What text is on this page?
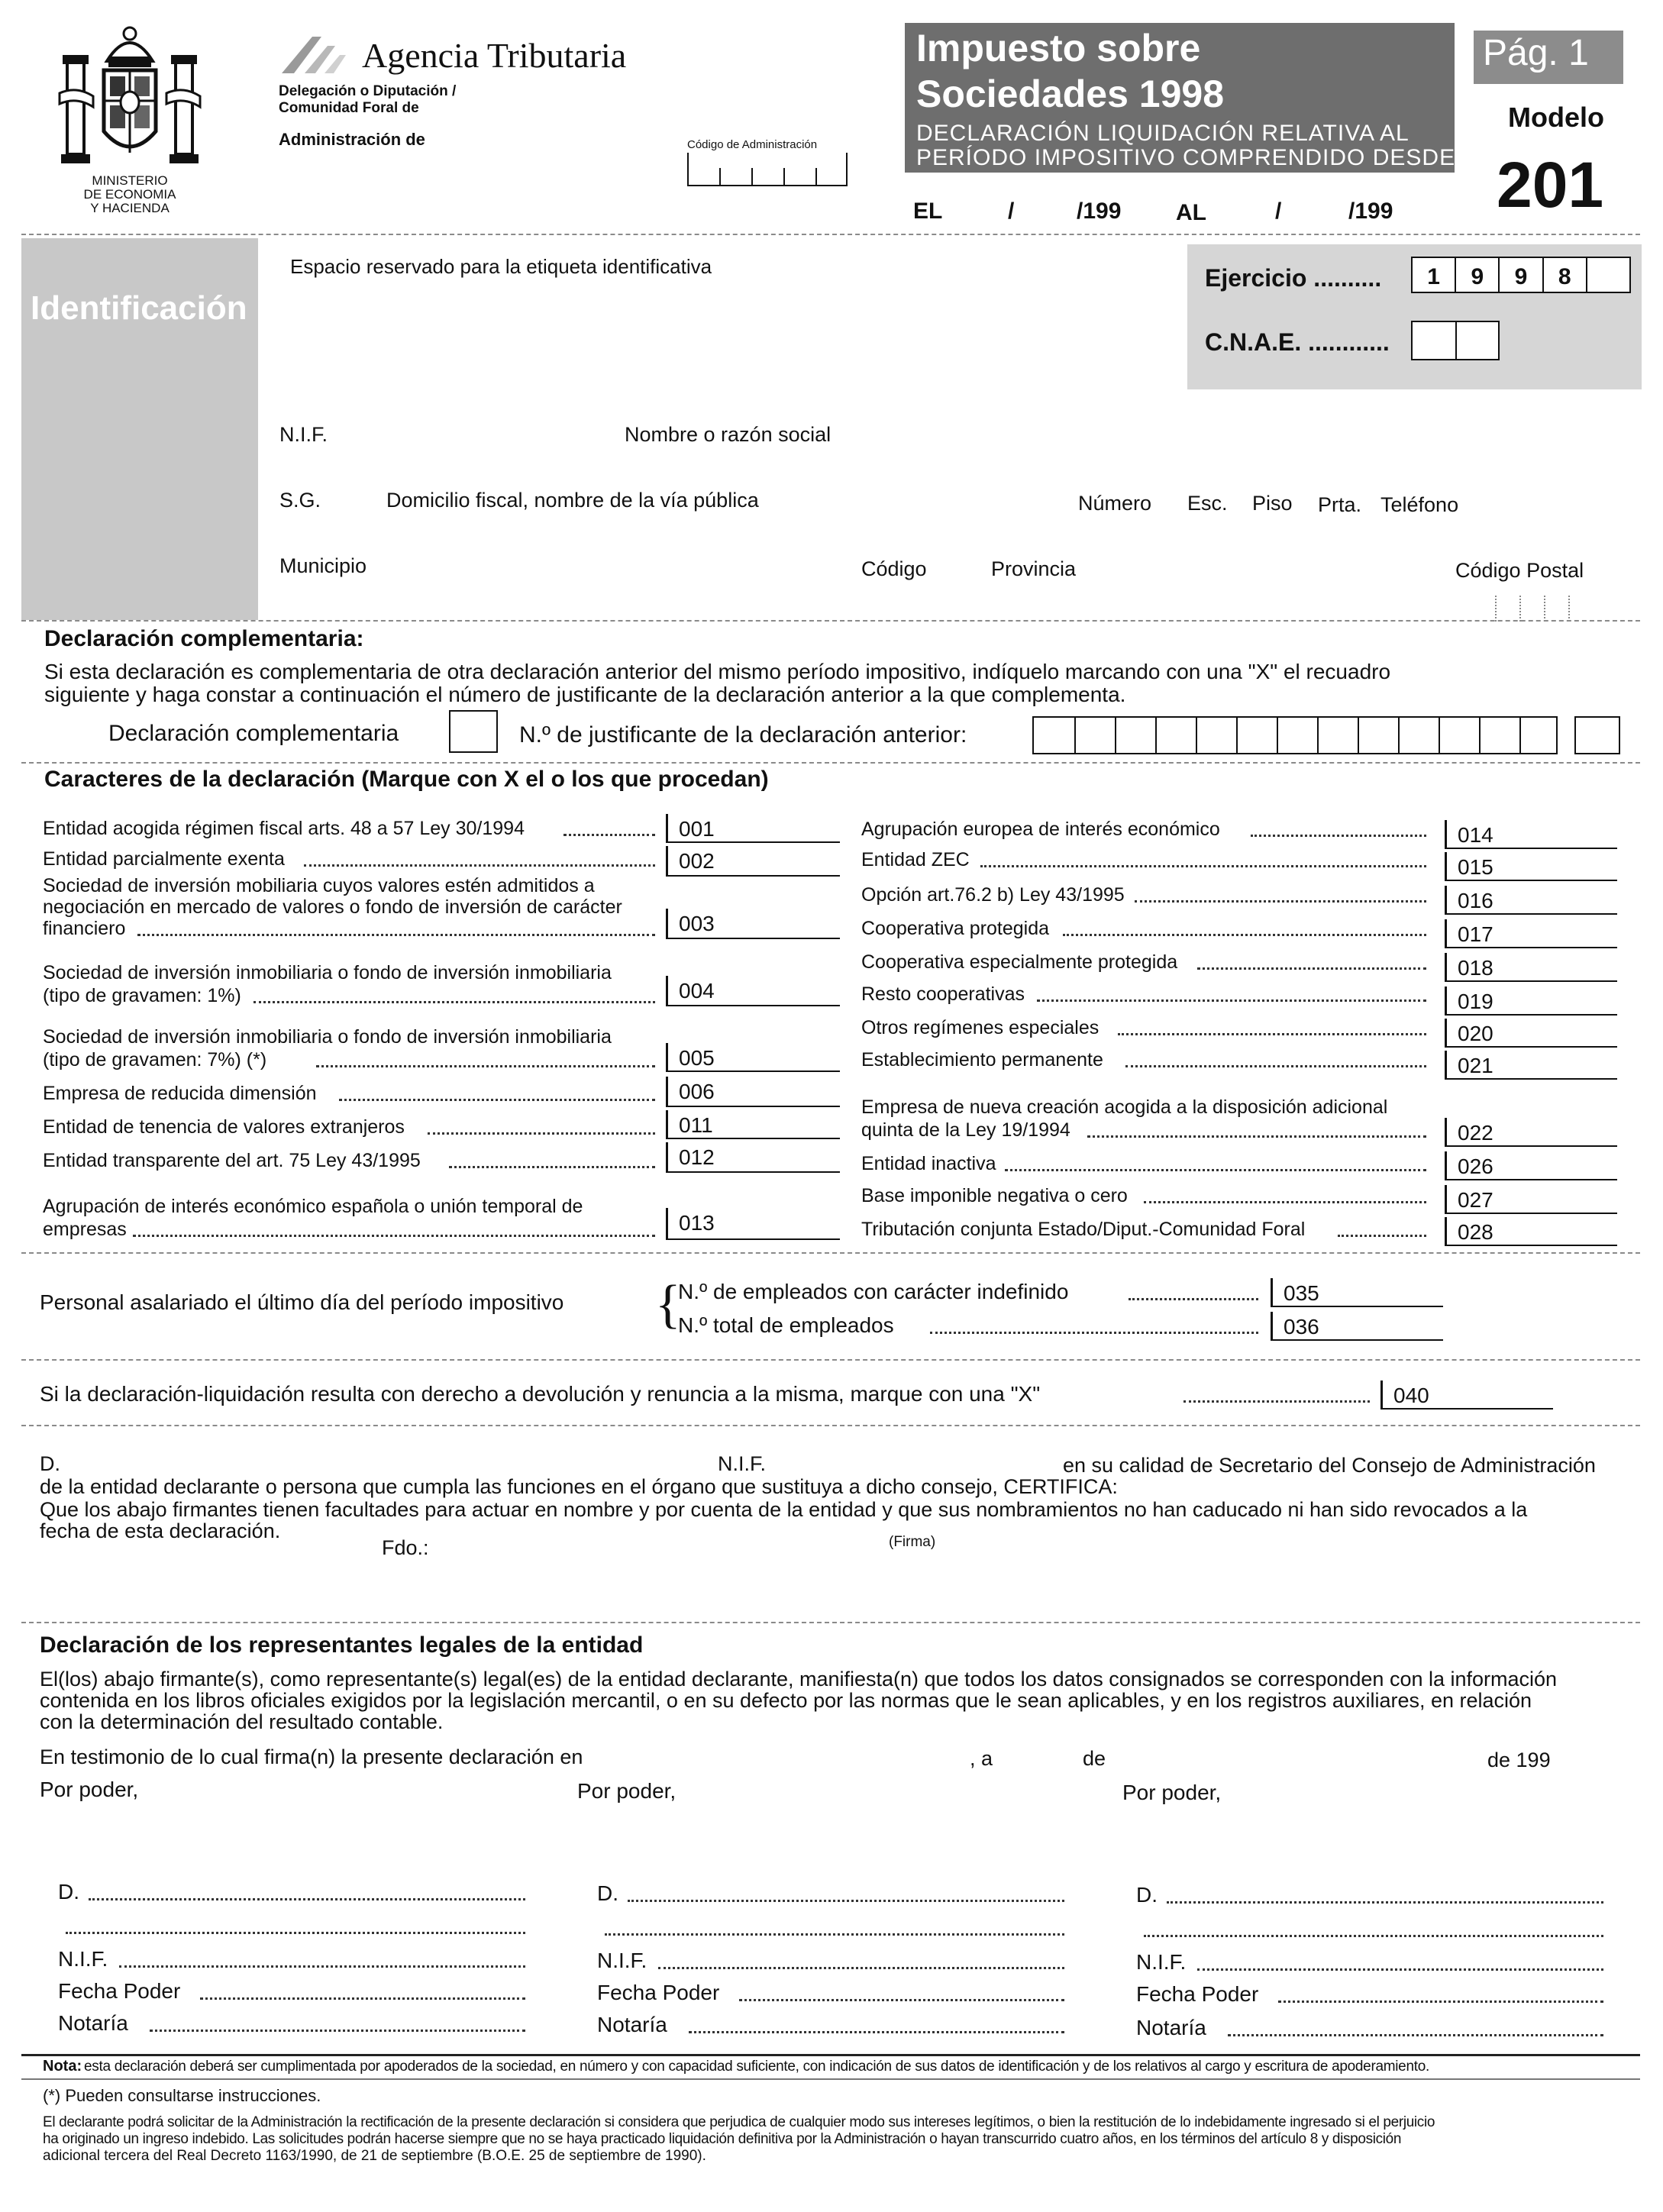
MINISTERIO
DE ECONOMIA
Y HACIENDA
Agencia Tributaria
Delegación o Diputación /
Comunidad Foral de
Administración de	Código de Administración
Impuesto sobre
Sociedades 1998
DECLARACIÓN LIQUIDACIÓN RELATIVA AL
PERÍODO IMPOSITIVO COMPRENDIDO DESDE
EL	/	/199 AL	/	/199
Pág. 1
Modelo
201
Identificación
Espacio reservado para la etiqueta identificativa	Ejercicio ..........	1	9	9	8
C.N.A.E. ............
N.I.F.	Nombre o razón social
S.G.	Domicilio fiscal, nombre de la vía pública	Número Esc. Piso Prta. Teléfono
Municipio	Código	Provincia	Código Postal
Declaración complementaria:
Si esta declaración es complementaria de otra declaración anterior del mismo período impositivo, indíquelo marcando con una "X" el recuadro
siguiente y haga constar a continuación el número de justificante de la declaración anterior a la que complementa.
Declaración complementaria	N.º de justificante de la declaración anterior:
Caracteres de la declaración (Marque con X el o los que procedan)
Entidad acogida régimen fiscal arts. 48 a 57 Ley 30/1994	001
Entidad parcialmente exenta	002
Sociedad de inversión mobiliaria cuyos valores estén admitidos a
negociación en mercado de valores o fondo de inversión de carácter
financiero	003
Sociedad de inversión inmobiliaria o fondo de inversión inmobiliaria
(tipo de gravamen: 1%)	004
Sociedad de inversión inmobiliaria o fondo de inversión inmobiliaria
(tipo de gravamen: 7%) (*)	005
Empresa de reducida dimensión	006
Entidad de tenencia de valores extranjeros	011
Entidad transparente del art. 75 Ley 43/1995	012
Agrupación de interés económico española o unión temporal de
empresas	013
Agrupación europea de interés económico	014
Entidad ZEC	015
Opción art.76.2 b) Ley 43/1995	016
Cooperativa protegida	017
Cooperativa especialmente protegida	018
Resto cooperativas	019
Otros regímenes especiales	020
Establecimiento permanente	021
Empresa de nueva creación acogida a la disposición adicional
quinta de la Ley 19/1994	022
Entidad inactiva	026
Base imponible negativa o cero	027
Tributación conjunta Estado/Diput.-Comunidad Foral	028
Personal asalariado el último día del período impositivo {
N.º de empleados con carácter indefinido	035
N.º total de empleados	036
Si la declaración-liquidación resulta con derecho a devolución y renuncia a la misma, marque con una "X"	040
D.	N.I.F.	en su calidad de Secretario del Consejo de Administración
de la entidad declarante o persona que cumpla las funciones en el órgano que sustituya a dicho consejo, CERTIFICA:
Que los abajo firmantes tienen facultades para actuar en nombre y por cuenta de la entidad y que sus nombramientos no han caducado ni han sido revocados a la
fecha de esta declaración.
Fdo.:	(Firma)
Declaración de los representantes legales de la entidad
El(los) abajo firmante(s), como representante(s) legal(es) de la entidad declarante, manifiesta(n) que todos los datos consignados se corresponden con la información
contenida en los libros oficiales exigidos por la legislación mercantil, o en su defecto por las normas que le sean aplicables, y en los registros auxiliares, en relación
con la determinación del resultado contable.
En testimonio de lo cual firma(n) la presente declaración en	, a	de	de 199
Por poder,	Por poder,	Por poder,
D.
N.I.F.
Fecha Poder
Notaría
D.
N.I.F.
Fecha Poder
Notaría
D.
N.I.F.
Fecha Poder
Notaría
Nota: esta declaración deberá ser cumplimentada por apoderados de la sociedad, en número y con capacidad suficiente, con indicación de sus datos de identificación y de los relativos al cargo y escritura de apoderamiento.
(*) Pueden consultarse instrucciones.
El declarante podrá solicitar de la Administración la rectificación de la presente declaración si considera que perjudica de cualquier modo sus intereses legítimos, o bien la restitución de lo indebidamente ingresado si el perjuicio
ha originado un ingreso indebido. Las solicitudes podrán hacerse siempre que no se haya practicado liquidación definitiva por la Administración o hayan transcurrido cuatro años, en los términos del artículo 8 y disposición
adicional tercera del Real Decreto 1163/1990, de 21 de septiembre (B.O.E. 25 de septiembre de 1990).
